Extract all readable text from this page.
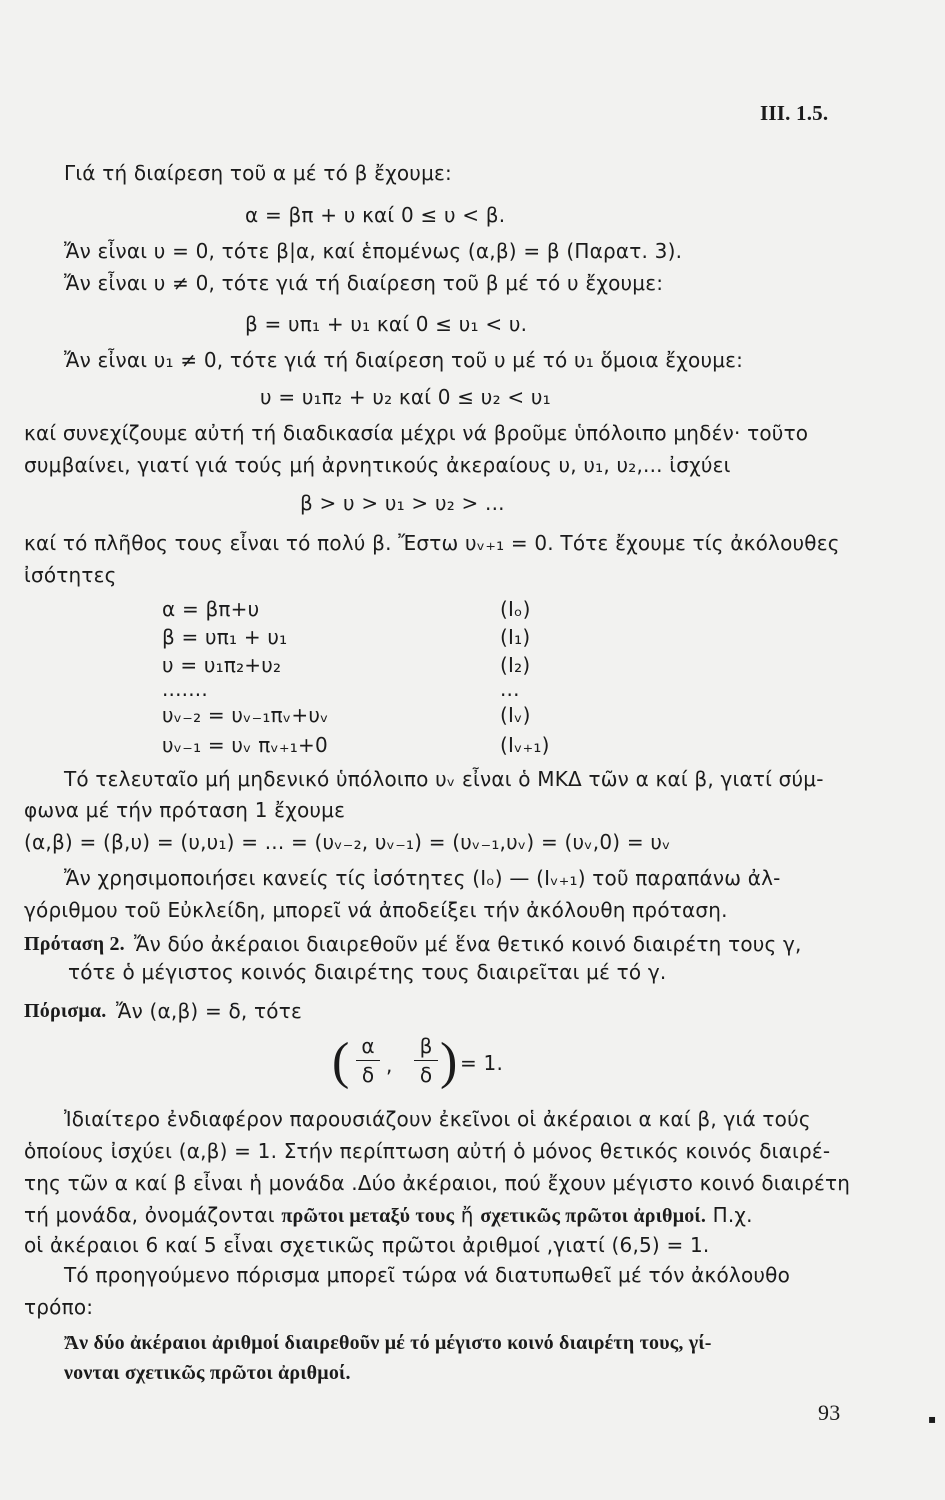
III. 1.5.
Γιά τή διαίρεση τοῦ α μέ τό β ἔχουμε:
α = βπ + υ καί 0 ≤ υ < β.
Ἄν εἶναι υ = 0, τότε β|α, καί ἑπομένως (α,β) = β (Παρατ. 3).
Ἄν εἶναι υ ≠ 0, τότε γιά τή διαίρεση τοῦ β μέ τό υ ἔχουμε:
β = υπ₁ + υ₁ καί 0 ≤ υ₁ < υ.
Ἄν εἶναι υ₁ ≠ 0, τότε γιά τή διαίρεση τοῦ υ μέ τό υ₁ ὅμοια ἔχουμε:
υ = υ₁π₂ + υ₂ καί 0 ≤ υ₂ < υ₁
καί συνεχίζουμε αὐτή τή διαδικασία μέχρι νά βροῦμε ὑπόλοιπο μηδέν· τοῦτο
συμβαίνει, γιατί γιά τούς μή ἀρνητικούς ἀκεραίους υ, υ₁, υ₂,... ἰσχύει
β > υ > υ₁ > υ₂ > ...
καί τό πλῆθος τους εἶναι τό πολύ β. Ἔστω υᵥ₊₁ = 0. Τότε ἔχουμε τίς ἀκόλουθες
ἰσότητες
α = βπ+υ	(Iₒ)
β = υπ₁ + υ₁	(I₁)
υ = υ₁π₂+υ₂	(I₂)
.......	...
υᵥ₋₂ = υᵥ₋₁πᵥ+υᵥ	(Iᵥ)
υᵥ₋₁ = υᵥ πᵥ₊₁+0	(Iᵥ₊₁)
Τό τελευταῖο μή μηδενικό ὑπόλοιπο υᵥ εἶναι ὁ ΜΚΔ τῶν α καί β, γιατί σύμ-
φωνα μέ τήν πρόταση 1 ἔχουμε
(α,β) = (β,υ) = (υ,υ₁) = ... = (υᵥ₋₂, υᵥ₋₁) = (υᵥ₋₁,υᵥ) = (υᵥ,0) = υᵥ
Ἄν χρησιμοποιήσει κανείς τίς ἰσότητες (Iₒ) — (Iᵥ₊₁) τοῦ παραπάνω ἀλ-
γόριθμου τοῦ Εὐκλείδη, μπορεῖ νά ἀποδείξει τήν ἀκόλουθη πρόταση.
Πρόταση 2. Ἄν δύο ἀκέραιοι διαιρεθοῦν μέ ἕνα θετικό κοινό διαιρέτη τους γ,
τότε ὁ μέγιστος κοινός διαιρέτης τους διαιρεῖται μέ τό γ.
Πόρισμα. Ἄν (α,β) = δ, τότε
( α
δ ,
β
δ ) = 1.
Ἰδιαίτερο ἐνδιαφέρον παρουσιάζουν ἐκεῖνοι οἱ ἀκέραιοι α καί β, γιά τούς
ὁποίους ἰσχύει (α,β) = 1. Στήν περίπτωση αὐτή ὁ μόνος θετικός κοινός διαιρέ-
της τῶν α καί β εἶναι ἡ μονάδα .Δύο ἀκέραιοι, πού ἔχουν μέγιστο κοινό διαιρέτη
τή μονάδα, ὀνομάζονται πρῶτοι μεταξύ τους ἤ σχετικῶς πρῶτοι ἀριθμοί. Π.χ.
οἱ ἀκέραιοι 6 καί 5 εἶναι σχετικῶς πρῶτοι ἀριθμοί ,γιατί (6,5) = 1.
Τό προηγούμενο πόρισμα μπορεῖ τώρα νά διατυπωθεῖ μέ τόν ἀκόλουθο
τρόπο:
Ἄν δύο ἀκέραιοι ἀριθμοί διαιρεθοῦν μέ τό μέγιστο κοινό διαιρέτη τους, γί-
νονται σχετικῶς πρῶτοι ἀριθμοί.
93	▪
